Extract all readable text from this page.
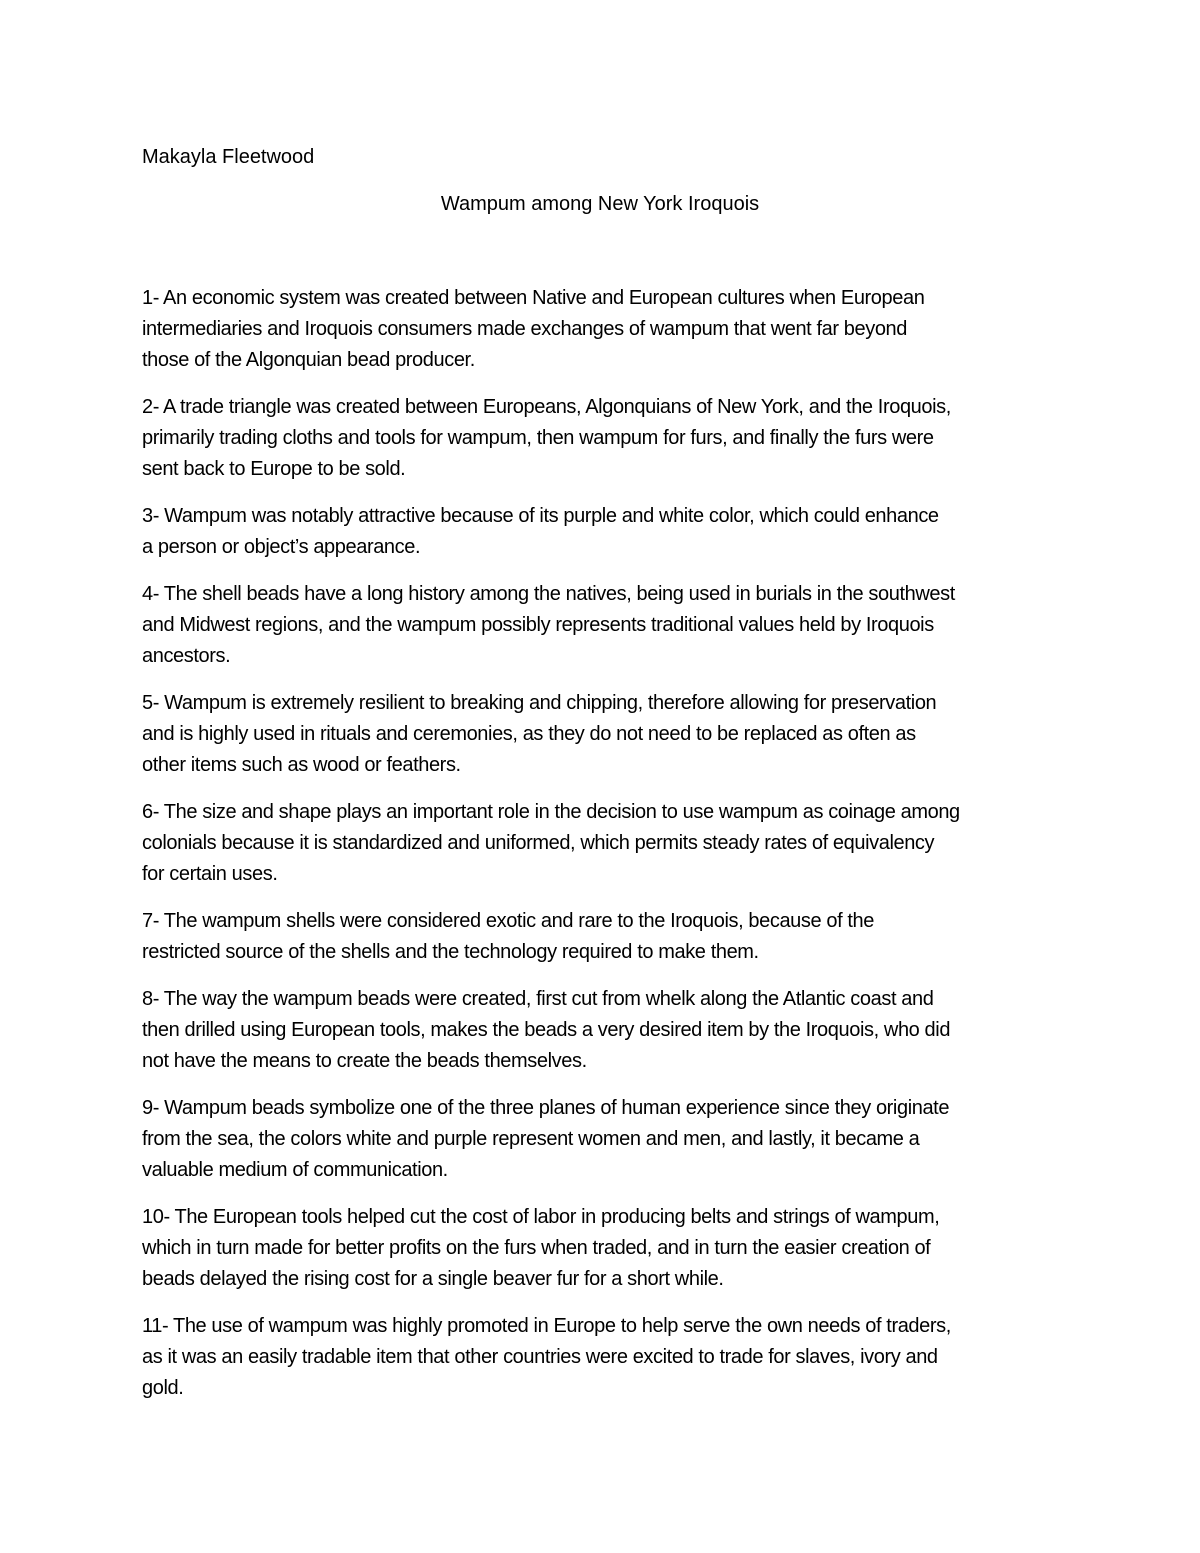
Makayla Fleetwood
Wampum among New York Iroquois

1- An economic system was created between Native and European cultures when European
intermediaries and Iroquois consumers made exchanges of wampum that went far beyond
those of the Algonquian bead producer.

2- A trade triangle was created between Europeans, Algonquians of New York, and the Iroquois,
primarily trading cloths and tools for wampum, then wampum for furs, and finally the furs were
sent back to Europe to be sold.

3- Wampum was notably attractive because of its purple and white color, which could enhance
a person or object’s appearance.

4- The shell beads have a long history among the natives, being used in burials in the southwest
and Midwest regions, and the wampum possibly represents traditional values held by Iroquois
ancestors.

5- Wampum is extremely resilient to breaking and chipping, therefore allowing for preservation
and is highly used in rituals and ceremonies, as they do not need to be replaced as often as
other items such as wood or feathers.

6- The size and shape plays an important role in the decision to use wampum as coinage among
colonials because it is standardized and uniformed, which permits steady rates of equivalency
for certain uses.

7- The wampum shells were considered exotic and rare to the Iroquois, because of the
restricted source of the shells and the technology required to make them.

8- The way the wampum beads were created, first cut from whelk along the Atlantic coast and
then drilled using European tools, makes the beads a very desired item by the Iroquois, who did
not have the means to create the beads themselves.

9- Wampum beads symbolize one of the three planes of human experience since they originate
from the sea, the colors white and purple represent women and men, and lastly, it became a
valuable medium of communication.

10- The European tools helped cut the cost of labor in producing belts and strings of wampum,
which in turn made for better profits on the furs when traded, and in turn the easier creation of
beads delayed the rising cost for a single beaver fur for a short while.

11- The use of wampum was highly promoted in Europe to help serve the own needs of traders,
as it was an easily tradable item that other countries were excited to trade for slaves, ivory and
gold.
